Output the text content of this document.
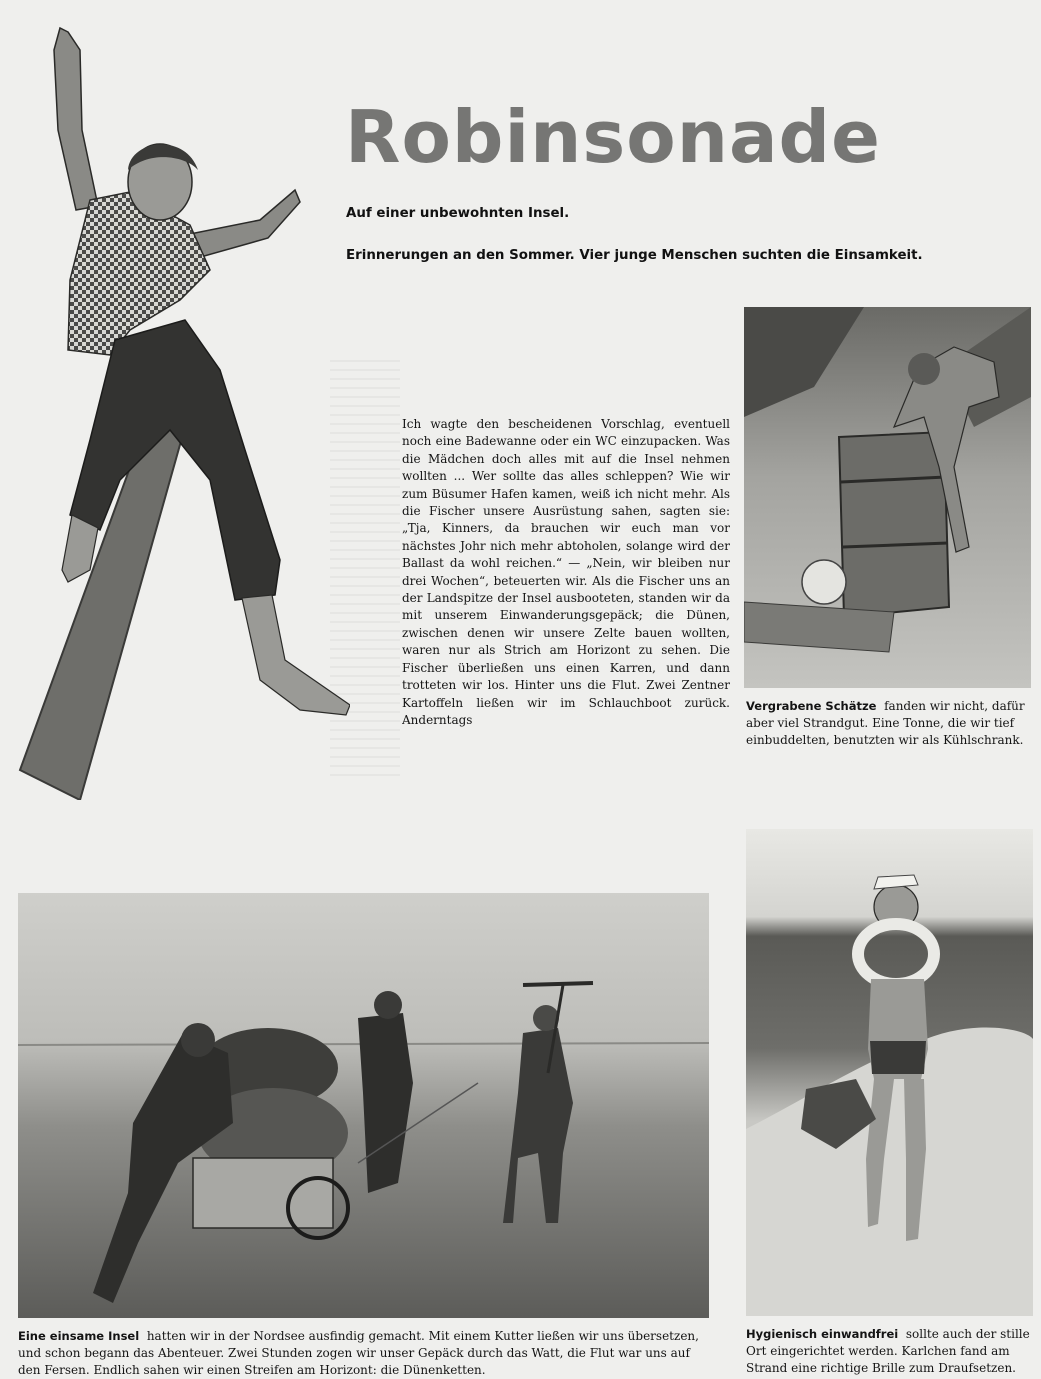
Robinsonade
Auf einer unbewohnten Insel.
Erinnerungen an den Sommer. Vier junge Menschen suchten die Einsamkeit.

Ich wagte den bescheidenen Vorschlag, eventuell noch eine Badewanne oder ein WC einzupacken. Was die Mädchen doch alles mit auf die Insel nehmen wollten ... Wer sollte das alles schleppen? Wie wir zum Büsumer Hafen kamen, weiß ich nicht mehr. Als die Fischer unsere Ausrüstung sahen, sagten sie: „Tja, Kinners, da brauchen wir euch man vor nächstes Johr nich mehr abtoholen, solange wird der Ballast da wohl reichen.“ — „Nein, wir bleiben nur drei Wochen“, beteuerten wir. Als die Fischer uns an der Landspitze der Insel ausbooteten, standen wir da mit unserem Einwanderungsgepäck; die Dünen, zwischen denen wir unsere Zelte bauen wollten, waren nur als Strich am Horizont zu sehen. Die Fischer überließen uns einen Karren, und dann trotteten wir los. Hinter uns die Flut. Zwei Zentner Kartoffeln ließen wir im Schlauchboot zurück. Anderntags

Vergrabene Schätze fanden wir nicht, dafür aber viel Strandgut. Eine Tonne, die wir tief einbuddelten, benutzten wir als Kühlschrank.

Eine einsame Insel hatten wir in der Nordsee ausfindig gemacht. Mit einem Kutter ließen wir uns übersetzen, und schon begann das Abenteuer. Zwei Stunden zogen wir unser Gepäck durch das Watt, die Flut war uns auf den Fersen. Endlich sahen wir einen Streifen am Horizont: die Dünenketten.

Hygienisch einwandfrei sollte auch der stille Ort eingerichtet werden. Karlchen fand am Strand eine richtige Brille zum Draufsetzen.
